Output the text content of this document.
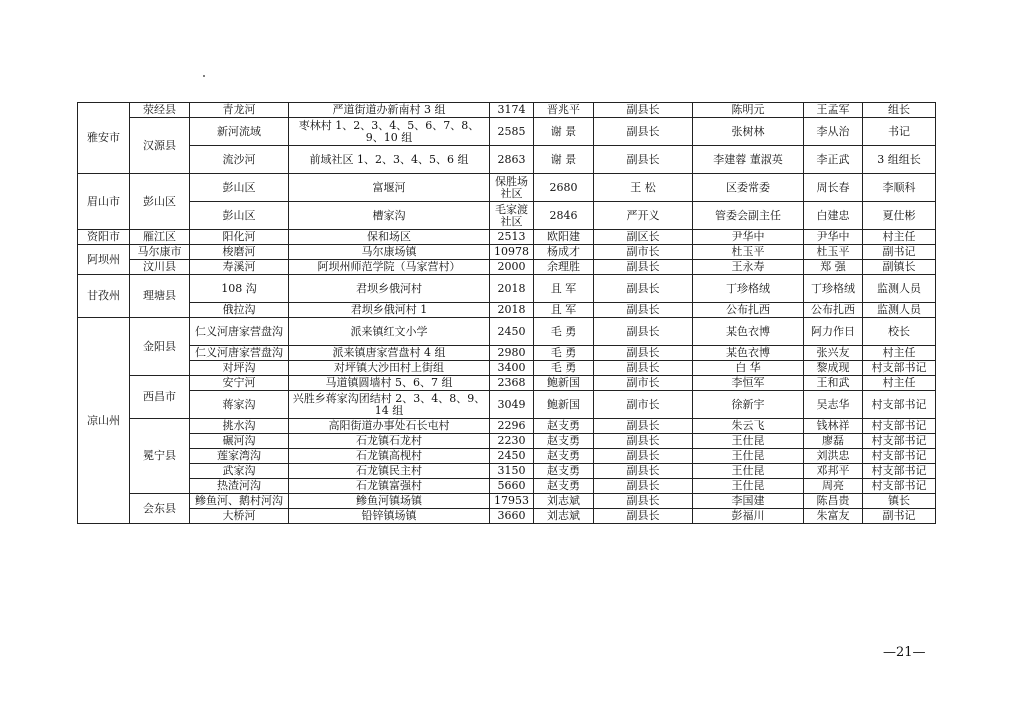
雅安市	荥经县	青龙河	严道街道办新南村 3 组	3174	晋兆平	副县长	陈明元	王孟军	组长
	汉源县	新河流域	枣林村 1、2、3、4、5、6、7、8、9、10 组	2585	谢 景	副县长	张树林	李从治	书记
		流沙河	前域社区 1、2、3、4、5、6 组	2863	谢 景	副县长	李建蓉 董淑英	李正武	3 组组长
眉山市	彭山区	彭山区	富堰河	保胜场社区	2680	王 松	区委常委	周长春	李顺科
		彭山区	槽家沟	毛家渡社区	2846	严开义	管委会副主任	白建忠	夏仕彬
资阳市	雁江区	阳化河	保和场区	2513	欧阳建	副区长	尹华中	尹华中	村主任
阿坝州	马尔康市	梭磨河	马尔康场镇	10978	杨成才	副市长	杜玉平	杜玉平	副书记
	汶川县	寿溪河	阿坝州师范学院（马家营村）	2000	余理胜	副县长	王永寿	郑 强	副镇长
甘孜州	理塘县	108 沟	君坝乡俄河村	2018	且 军	副县长	丁珍格绒	丁珍格绒	监测人员
		俄拉沟	君坝乡俄河村 1	2018	且 军	副县长	公布扎西	公布扎西	监测人员
凉山州	金阳县	仁义河唐家营盘沟	派来镇红文小学	2450	毛 勇	副县长	某色衣博	阿力作日	校长
		仁义河唐家营盘沟	派来镇唐家营盘村 4 组	2980	毛 勇	副县长	某色衣博	张兴友	村主任
		对坪沟	对坪镇大沙田村上街组	3400	毛 勇	副县长	白 华	黎成现	村支部书记
	西昌市	安宁河	马道镇圆墙村 5、6、7 组	2368	鲍新国	副市长	李恒军	王和武	村主任
		蒋家沟	兴胜乡蒋家沟团结村 2、3、4、8、9、14 组	3049	鲍新国	副市长	徐新宇	吴志华	村支部书记
	冕宁县	挑水沟	高阳街道办事处石长屯村	2296	赵支勇	副县长	朱云飞	钱林祥	村支部书记
		碾河沟	石龙镇石龙村	2230	赵支勇	副县长	王仕昆	廖磊	村支部书记
		莲家湾沟	石龙镇高枧村	2450	赵支勇	副县长	王仕昆	刘洪忠	村支部书记
		武家沟	石龙镇民主村	3150	赵支勇	副县长	王仕昆	邓邦平	村支部书记
		热渣河沟	石龙镇富强村	5660	赵支勇	副县长	王仕昆	周亮	村支部书记
	会东县	鲹鱼河、鹅村河沟	鲹鱼河镇场镇	17953	刘志斌	副县长	李国建	陈昌贵	镇长
		大桥河	铅锌镇场镇	3660	刘志斌	副县长	彭福川	朱富友	副书记
—21—
